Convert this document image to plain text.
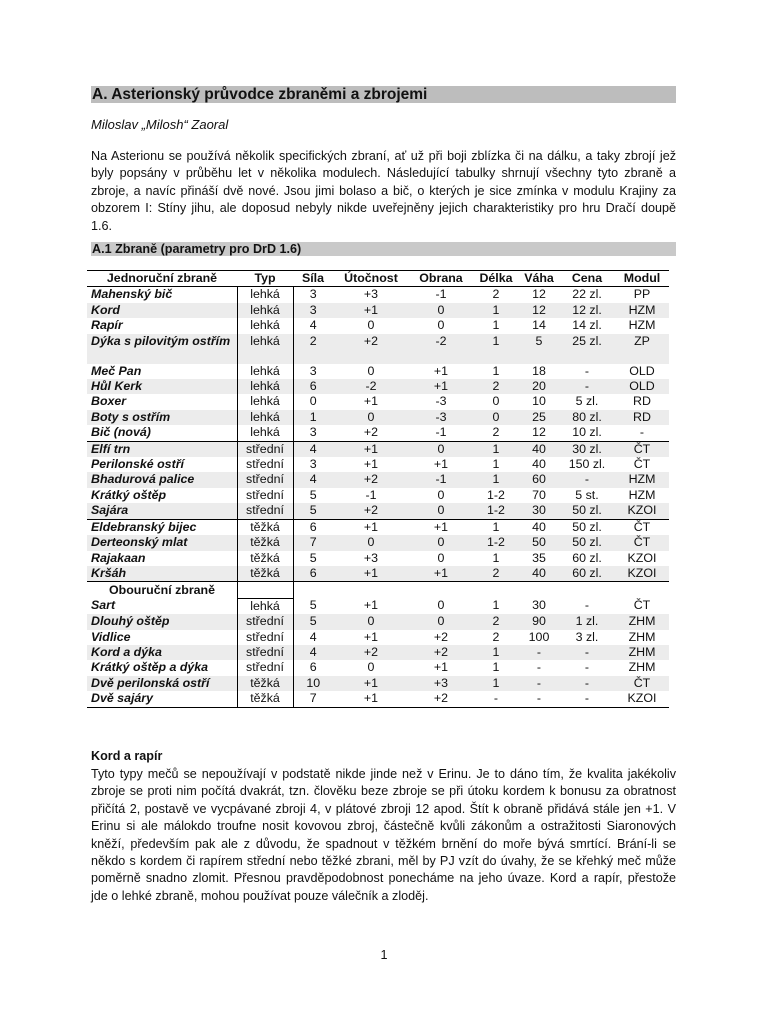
A. Asterionský průvodce zbraněmi a zbrojemi
Miloslav „Milosh“ Zaoral
Na Asterionu se používá několik specifických zbraní, ať už při boji zblízka či na dálku, a taky zbrojí jež byly popsány v průběhu let v několika modulech. Následující tabulky shrnují všechny tyto zbraně a zbroje, a navíc přináší dvě nové. Jsou jimi bolaso a bič, o kterých je sice zmínka v modulu Krajiny za obzorem I: Stíny jihu, ale doposud nebyly nikde uveřejněny jejich charakteristiky pro hru Dračí doupě 1.6.
A.1 Zbraně (parametry pro DrD 1.6)
Jednoruční zbraně	Typ	Síla	Útočnost	Obrana	Délka	Váha	Cena	Modul
Mahenský bič	lehká	3	+3	-1	2	12	22 zl.	PP
Kord	lehká	3	+1	0	1	12	12 zl.	HZM
Rapír	lehká	4	0	0	1	14	14 zl.	HZM
Dýka s pilovitým ostřím	lehká	2	+2	-2	1	5	25 zl.	ZP
Meč Pan	lehká	3	0	+1	1	18	-	OLD
Hůl Kerk	lehká	6	-2	+1	2	20	-	OLD
Boxer	lehká	0	+1	-3	0	10	5 zl.	RD
Boty s ostřím	lehká	1	0	-3	0	25	80 zl.	RD
Bič (nová)	lehká	3	+2	-1	2	12	10 zl.	-
Elfí trn	střední	4	+1	0	1	40	30 zl.	ČT
Perilonské ostří	střední	3	+1	+1	1	40	150 zl.	ČT
Bhadurová palice	střední	4	+2	-1	1	60	-	HZM
Krátký oštěp	střední	5	-1	0	1-2	70	5 st.	HZM
Sajára	střední	5	+2	0	1-2	30	50 zl.	KZOI
Eldebranský bijec	těžká	6	+1	+1	1	40	50 zl.	ČT
Derteonský mlat	těžká	7	0	0	1-2	50	50 zl.	ČT
Rajakaan	těžká	5	+3	0	1	35	60 zl.	KZOI
Kršáh	těžká	6	+1	+1	2	40	60 zl.	KZOI
Obouruční zbraně								
Sart	lehká	5	+1	0	1	30	-	ČT
Dlouhý oštěp	střední	5	0	0	2	90	1 zl.	ZHM
Vidlice	střední	4	+1	+2	2	100	3 zl.	ZHM
Kord a dýka	střední	4	+2	+2	1	-	-	ZHM
Krátký oštěp a dýka	střední	6	0	+1	1	-	-	ZHM
Dvě perilonská ostří	těžká	10	+1	+3	1	-	-	ČT
Dvě sajáry	těžká	7	+1	+2	-	-	-	KZOI
Kord a rapír
Tyto typy mečů se nepoužívají v podstatě nikde jinde než v Erinu. Je to dáno tím, že kvalita jakékoliv zbroje se proti nim počítá dvakrát, tzn. člověku beze zbroje se při útoku kordem k bonusu za obratnost přičítá 2, postavě ve vycpávané zbroji 4, v plátové zbroji 12 apod. Štít k obraně přidává stále jen +1. V Erinu si ale málokdo troufne nosit kovovou zbroj, částečně kvůli zákonům a ostražitosti Siaronových kněží, především pak ale z důvodu, že spadnout v těžkém brnění do moře bývá smrtící. Brání-li se někdo s kordem či rapírem střední nebo těžké zbrani, měl by PJ vzít do úvahy, že se křehký meč může poměrně snadno zlomit. Přesnou pravděpodobnost ponecháme na jeho úvaze. Kord a rapír, přestože jde o lehké zbraně, mohou používat pouze válečník a zloděj.
1
